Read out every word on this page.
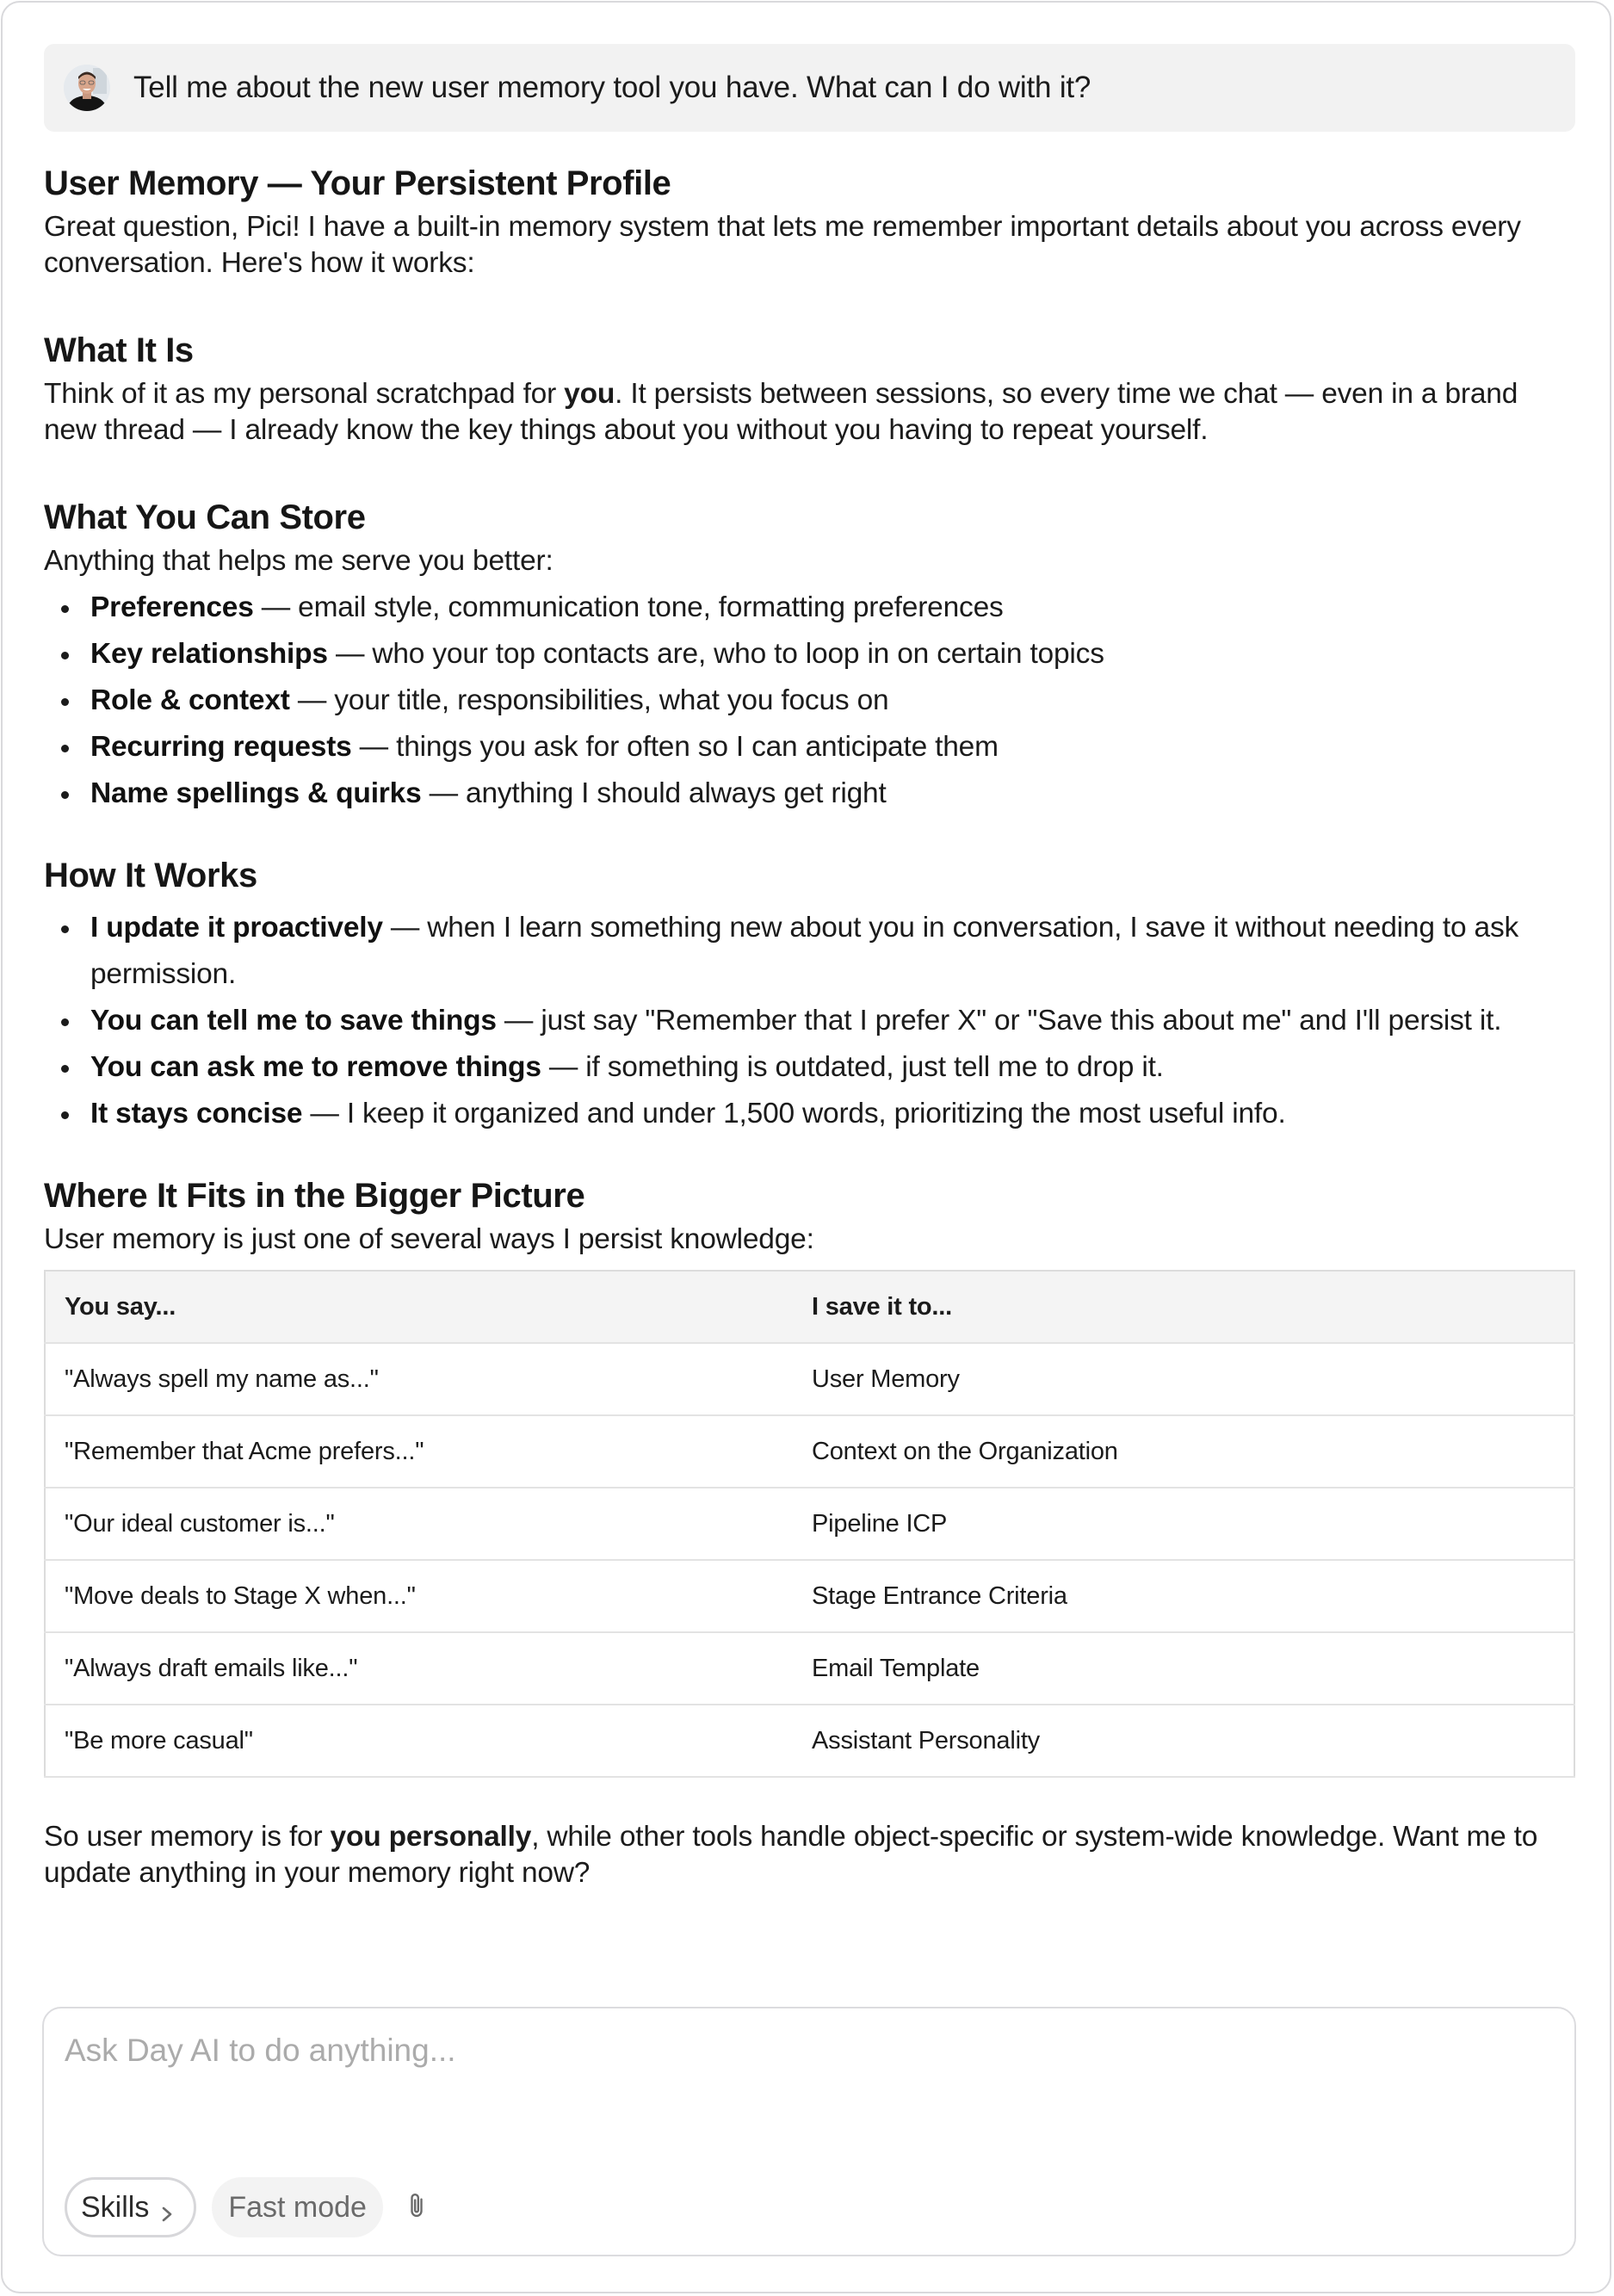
Tell me about the new user memory tool you have. What can I do with it?
User Memory — Your Persistent Profile

Great question, Pici! I have a built-in memory system that lets me remember important details about you across every conversation. Here's how it works:

What It Is

Think of it as my personal scratchpad for you. It persists between sessions, so every time we chat — even in a brand new thread — I already know the key things about you without you having to repeat yourself.

What You Can Store

Anything that helps me serve you better:

Preferences — email style, communication tone, formatting preferences
Key relationships — who your top contacts are, who to loop in on certain topics
Role & context — your title, responsibilities, what you focus on
Recurring requests — things you ask for often so I can anticipate them
Name spellings & quirks — anything I should always get right
How It Works
I update it proactively — when I learn something new about you in conversation, I save it without needing to ask permission.
You can tell me to save things — just say "Remember that I prefer X" or "Save this about me" and I'll persist it.
You can ask me to remove things — if something is outdated, just tell me to drop it.
It stays concise — I keep it organized and under 1,500 words, prioritizing the most useful info.
Where It Fits in the Bigger Picture

User memory is just one of several ways I persist knowledge:

You say...	I save it to...
"Always spell my name as..."	User Memory
"Remember that Acme prefers..."	Context on the Organization
"Our ideal customer is..."	Pipeline ICP
"Move deals to Stage X when..."	Stage Entrance Criteria
"Always draft emails like..."	Email Template
"Be more casual"	Assistant Personality

So user memory is for you personally, while other tools handle object-specific or system-wide knowledge. Want me to update anything in your memory right now?

Ask Day AI to do anything...
Skills	Fast mode
